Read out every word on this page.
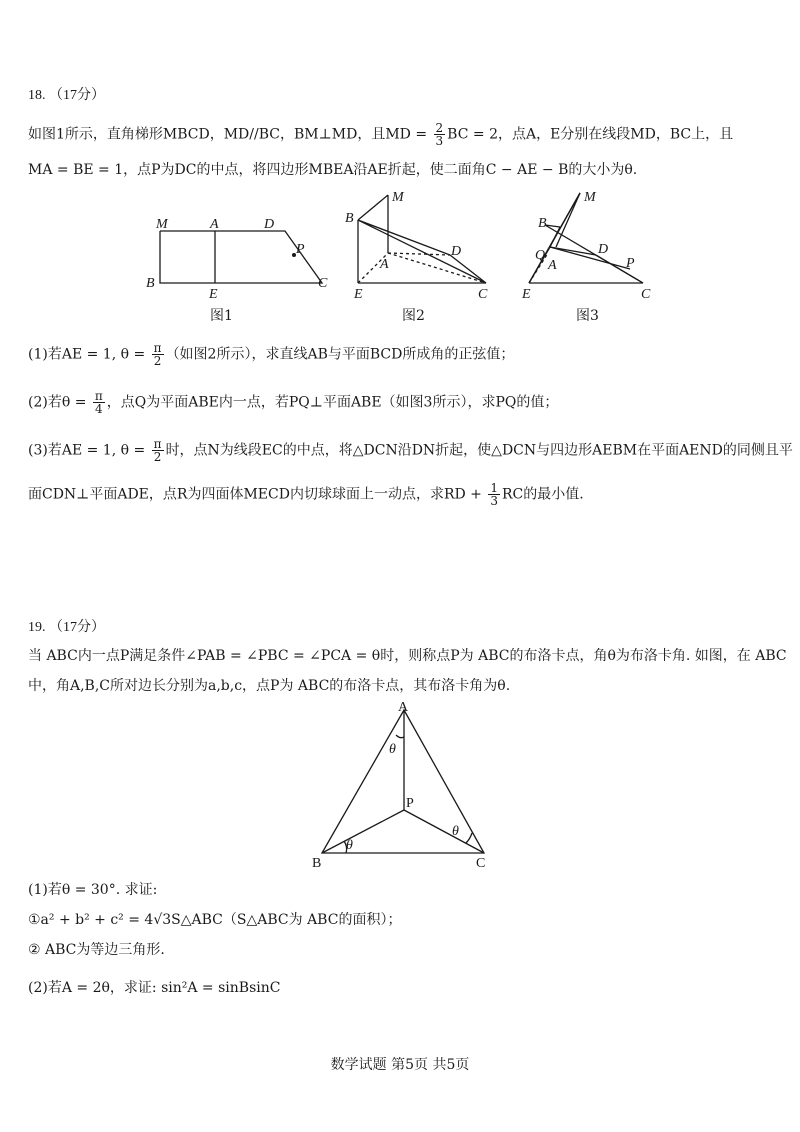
18. （17分）
如图1所示，直角梯形MBCD，MD//BC，BM⊥MD，且MD = $\frac{2}{3}$ BC = 2，点A，E分别在线段MD，BC上，且
MA = BE = 1，点P为DC的中点，将四边形MBEA沿AE折起，使二面角C − AE − B的大小为θ.
M	A	D
P
B
E
C
M
B
A
D
E	C
M
B
Q
A
D
P
E	C
图1	图2	图3
(1)若AE = 1, $\theta = \frac{\pi}{2}$ （如图2所示），求直线AB与平面BCD所成角的正弦值；
(2)若$\theta = \frac{\pi}{4}$ ，点Q为平面ABE内一点，若PQ⊥平面ABE（如图3所示），求PQ的值；
(3)若AE = 1, $\theta = \frac{\pi}{2}$ 时，点N为线段EC的中点，将△DCN沿DN折起，使△DCN与四边形AEBM在平面AEND的同侧且平
面CDN⊥平面ADE，点R为四面体MECD内切球球面上一动点，求RD + $\frac{1}{3}$ RC的最小值.
19. （17分）
当 ABC内一点P满足条件∠PAB = ∠PBC = ∠PCA = θ时，则称点P为 ABC的布洛卡点，角θ为布洛卡角. 如图，在 ABC
中，角A,B,C所对边长分别为a,b,c，点P为 ABC的布洛卡点，其布洛卡角为θ.
A
B	C
P
θ
θ
θ
(1)若θ = 30°. 求证:
①a² + b² + c² = 4√3S△ABC（S△ABC为 ABC的面积）；
② ABC为等边三角形.
(2)若A = 2θ，求证: sin²A = sinBsinC
数学试题 第5页 共5页
